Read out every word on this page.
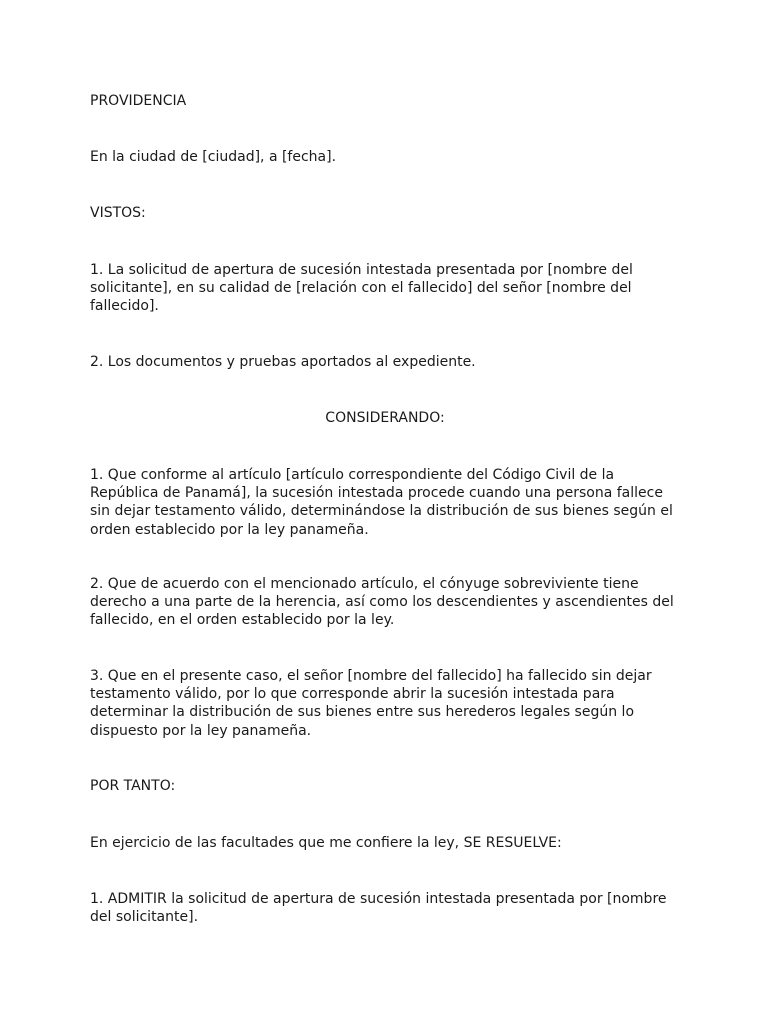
PROVIDENCIA
En la ciudad de [ciudad], a [fecha].
VISTOS:
1. La solicitud de apertura de sucesión intestada presentada por [nombre del solicitante], en su calidad de [relación con el fallecido] del señor [nombre del fallecido].
2. Los documentos y pruebas aportados al expediente.
CONSIDERANDO:
1. Que conforme al artículo [artículo correspondiente del Código Civil de la República de Panamá], la sucesión intestada procede cuando una persona fallece sin dejar testamento válido, determinándose la distribución de sus bienes según el orden establecido por la ley panameña.
2. Que de acuerdo con el mencionado artículo, el cónyuge sobreviviente tiene derecho a una parte de la herencia, así como los descendientes y ascendientes del fallecido, en el orden establecido por la ley.
3. Que en el presente caso, el señor [nombre del fallecido] ha fallecido sin dejar testamento válido, por lo que corresponde abrir la sucesión intestada para determinar la distribución de sus bienes entre sus herederos legales según lo dispuesto por la ley panameña.
POR TANTO:
En ejercicio de las facultades que me confiere la ley, SE RESUELVE:
1. ADMITIR la solicitud de apertura de sucesión intestada presentada por [nombre del solicitante].
